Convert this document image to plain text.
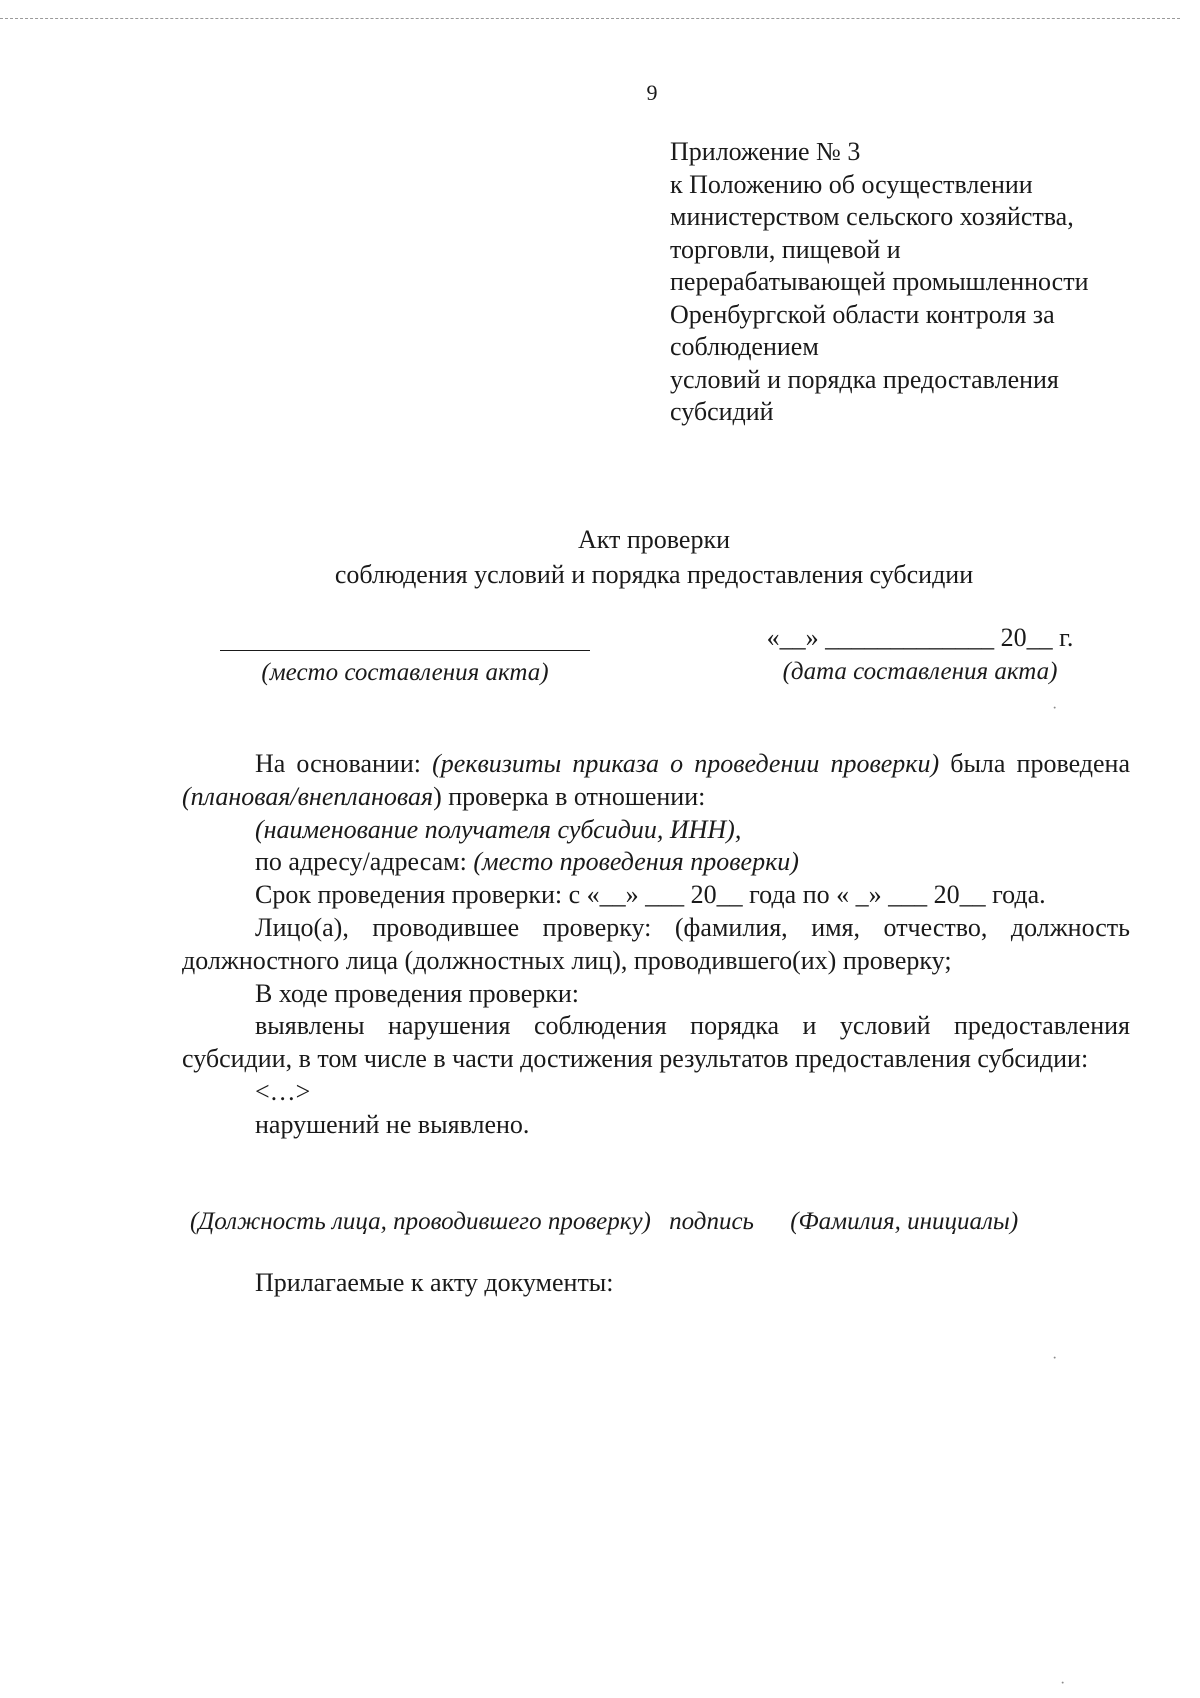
9
Приложение № 3
к Положению об осуществлении
министерством сельского хозяйства,
торговли, пищевой и
перерабатывающей промышленности
Оренбургской области контроля за
соблюдением
условий и порядка предоставления
субсидий
Акт проверки
соблюдения условий и порядка предоставления субсидии
(место составления акта)
«__» _____________ 20__ г.
(дата составления акта)

На основании: (реквизиты приказа о проведении проверки) была проведена (плановая/внеплановая) проверка в отношении:

(наименование получателя субсидии, ИНН),

по адресу/адресам: (место проведения проверки)

Срок проведения проверки: с «__» ___ 20__ года по « _» ___ 20__ года.

Лицо(а), проводившее проверку: (фамилия, имя, отчество, должность должностного лица (должностных лиц), проводившего(их) проверку;

В ходе проведения проверки:

выявлены нарушения соблюдения порядка и условий предоставления субсидии, в том числе в части достижения результатов предоставления субсидии:

<…>

нарушений не выявлено.

(Должность лица, проводившего проверку) подпись (Фамилия, инициалы)
Прилагаемые к акту документы:
·
·
·
